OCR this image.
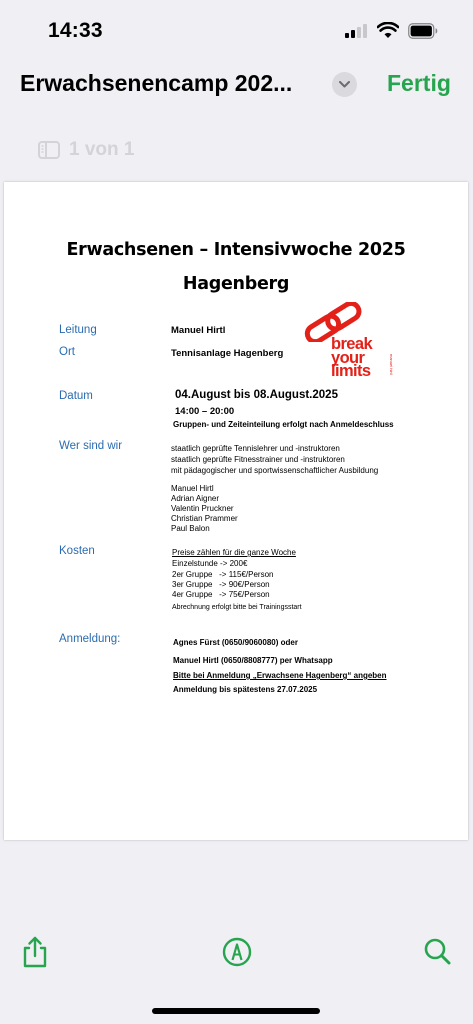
14:33
Erwachsenencamp 202...	Fertig
1 von 1
Erwachsenen – Intensivwoche 2025
Hagenberg
break
your
limits	manuel hirtl
Leitung	Manuel Hirtl
Ort	Tennisanlage Hagenberg
Datum	04.August bis 08.August.2025
14:00 – 20:00
Gruppen- und Zeiteinteilung erfolgt nach Anmeldeschluss
Wer sind wir	staatlich geprüfte Tennislehrer und -instruktoren
staatlich geprüfte Fitnesstrainer und -instruktoren
mit pädagogischer und sportwissenschaftlicher Ausbildung
Manuel Hirtl
Adrian Aigner
Valentin Pruckner
Christian Prammer
Paul Balon
Kosten	Preise zählen für die ganze Woche
Einzelstunde -> 200€
2er Gruppe   -> 115€/Person
3er Gruppe   -> 90€/Person
4er Gruppe   -> 75€/Person
Abrechnung erfolgt bitte bei Trainingsstart
Anmeldung:	Agnes Fürst (0650/9060080) oder
Manuel Hirtl (0650/8808777) per Whatsapp
Bitte bei Anmeldung „Erwachsene Hagenberg“ angeben
Anmeldung bis spätestens 27.07.2025
